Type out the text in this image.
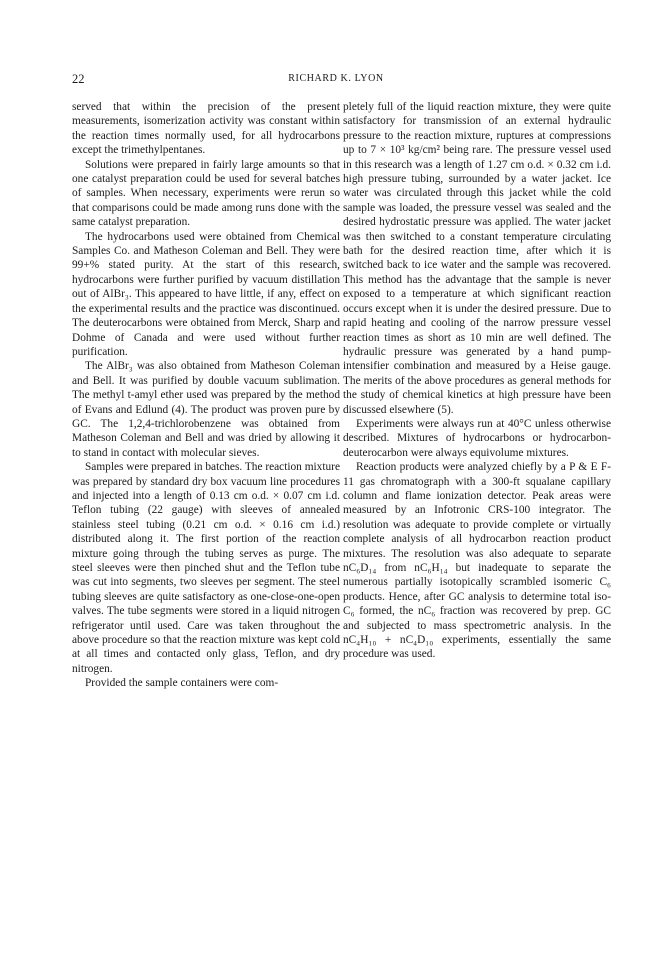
22	RICHARD K. LYON

served that within the precision of the present measurements, isomerization activity was constant within the reaction times normally used, for all hydrocarbons except the trimethylpentanes.

Solutions were prepared in fairly large amounts so that one catalyst preparation could be used for several batches of samples. When necessary, experiments were rerun so that comparisons could be made among runs done with the same catalyst preparation.

The hydrocarbons used were obtained from Chemical Samples Co. and Matheson Coleman and Bell. They were 99+% stated purity. At the start of this research, hydrocarbons were further purified by vacuum distillation out of AlBr₃. This appeared to have little, if any, effect on the experimental results and the practice was discontinued. The deuterocarbons were obtained from Merck, Sharp and Dohme of Canada and were used without further purification.

The AlBr₃ was also obtained from Matheson Coleman and Bell. It was purified by double vacuum sublimation. The methyl t-amyl ether used was prepared by the method of Evans and Edlund (4). The product was proven pure by GC. The 1,2,4-trichlorobenzene was obtained from Matheson Coleman and Bell and was dried by allowing it to stand in contact with molecular sieves.

Samples were prepared in batches. The reaction mixture was prepared by standard dry box vacuum line procedures and injected into a length of 0.13 cm o.d. × 0.07 cm i.d. Teflon tubing (22 gauge) with sleeves of annealed stainless steel tubing (0.21 cm o.d. × 0.16 cm i.d.) distributed along it. The first portion of the reaction mixture going through the tubing serves as purge. The steel sleeves were then pinched shut and the Teflon tube was cut into segments, two sleeves per segment. The steel tubing sleeves are quite satisfactory as one-close-one-open valves. The tube segments were stored in a liquid nitrogen refrigerator until used. Care was taken throughout the above procedure so that the reaction mixture was kept cold at all times and contacted only glass, Teflon, and dry nitrogen.

Provided the sample containers were com-

pletely full of the liquid reaction mixture, they were quite satisfactory for transmission of an external hydraulic pressure to the reaction mixture, ruptures at compressions up to 7 × 10³ kg/cm² being rare. The pressure vessel used in this research was a length of 1.27 cm o.d. × 0.32 cm i.d. high pressure tubing, surrounded by a water jacket. Ice water was circulated through this jacket while the cold sample was loaded, the pressure vessel was sealed and the desired hydrostatic pressure was applied. The water jacket was then switched to a constant temperature circulating bath for the desired reaction time, after which it is switched back to ice water and the sample was recovered. This method has the advantage that the sample is never exposed to a temperature at which significant reaction occurs except when it is under the desired pressure. Due to rapid heating and cooling of the narrow pressure vessel reaction times as short as 10 min are well defined. The hydraulic pressure was generated by a hand pump-intensifier combination and measured by a Heise gauge. The merits of the above procedures as general methods for the study of chemical kinetics at high pressure have been discussed elsewhere (5).

Experiments were always run at 40°C unless otherwise described. Mixtures of hydrocarbons or hydrocarbon-deuterocarbon were always equivolume mixtures.

Reaction products were analyzed chiefly by a P & E F-11 gas chromatograph with a 300-ft squalane capillary column and flame ionization detector. Peak areas were measured by an Infotronic CRS-100 integrator. The resolution was adequate to provide complete or virtually complete analysis of all hydrocarbon reaction product mixtures. The resolution was also adequate to separate nC₆D₁₄ from nC₆H₁₄ but inadequate to separate the numerous partially isotopically scrambled isomeric C₆ products. Hence, after GC analysis to determine total iso-C₆ formed, the nC₆ fraction was recovered by prep. GC and subjected to mass spectrometric analysis. In the nC₄H₁₀ + nC₄D₁₀ experiments, essentially the same procedure was used.
